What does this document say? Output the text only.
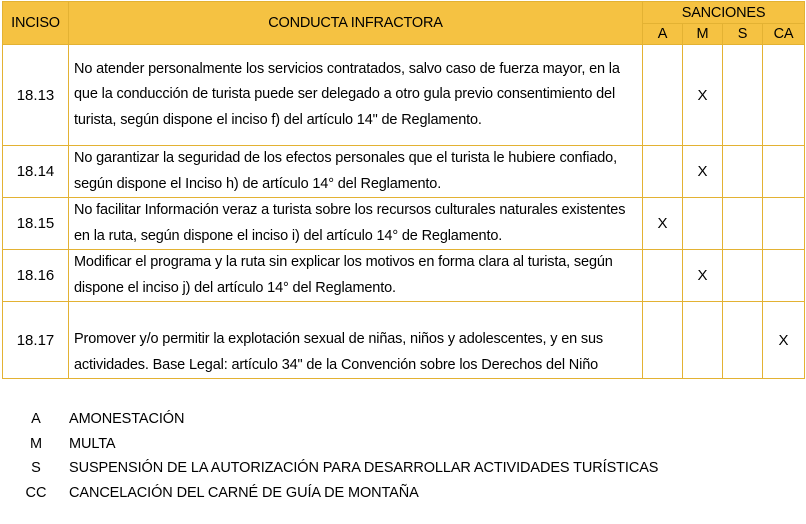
INCISO	CONDUCTA INFRACTORA	SANCIONES			
		A	M	S	CA
18.13	No atender personalmente los servicios contratados, salvo caso de fuerza mayor, en la que la conducción de turista puede ser delegado a otro gula previo consentimiento del turista, según dispone el inciso f) del artículo 14" de Reglamento.		X		
18.14	No garantizar la seguridad de los efectos personales que el turista le hubiere confiado, según dispone el Inciso h) de artículo 14° del Reglamento.		X		
18.15	No facilitar Información veraz a turista sobre los recursos culturales naturales existentes en la ruta, según dispone el inciso i) del artículo 14° de Reglamento.	X			
18.16	Modificar el programa y la ruta sin explicar los motivos en forma clara al turista, según dispone el inciso j) del artículo 14° del Reglamento.		X		
18.17	Promover y/o permitir la explotación sexual de niñas, niños y adolescentes, y en sus actividades. Base Legal: artículo 34" de la Convención sobre los Derechos del Niño				X
A	AMONESTACIÓN
M	MULTA
S	SUSPENSIÓN DE LA AUTORIZACIÓN PARA DESARROLLAR ACTIVIDADES TURÍSTICAS
CC	CANCELACIÓN DEL CARNÉ DE GUÍA DE MONTAÑA
